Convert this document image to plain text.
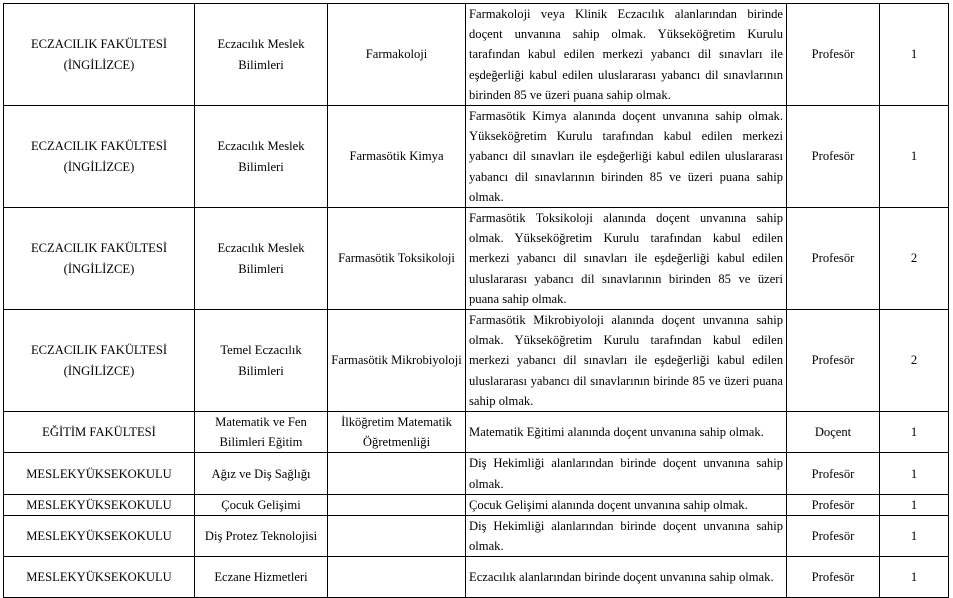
ECZACILIK FAKÜLTESİ (İNGİLİZCE)	Eczacılık Meslek Bilimleri	Farmakoloji	Farmakoloji veya Klinik Eczacılık alanlarından birinde doçent unvanına sahip olmak. Yükseköğretim Kurulu tarafından kabul edilen merkezi yabancı dil sınavları ile eşdeğerliği kabul edilen uluslararası yabancı dil sınavlarının birinden 85 ve üzeri puana sahip olmak.	Profesör	1
ECZACILIK FAKÜLTESİ (İNGİLİZCE)	Eczacılık Meslek Bilimleri	Farmasötik Kimya	Farmasötik Kimya alanında doçent unvanına sahip olmak. Yükseköğretim Kurulu tarafından kabul edilen merkezi yabancı dil sınavları ile eşdeğerliği kabul edilen uluslararası yabancı dil sınavlarının birinden 85 ve üzeri puana sahip olmak.	Profesör	1
ECZACILIK FAKÜLTESİ (İNGİLİZCE)	Eczacılık Meslek Bilimleri	Farmasötik Toksikoloji	Farmasötik Toksikoloji alanında doçent unvanına sahip olmak. Yükseköğretim Kurulu tarafından kabul edilen merkezi yabancı dil sınavları ile eşdeğerliği kabul edilen uluslararası yabancı dil sınavlarının birinden 85 ve üzeri puana sahip olmak.	Profesör	2
ECZACILIK FAKÜLTESİ (İNGİLİZCE)	Temel Eczacılık Bilimleri	Farmasötik Mikrobiyoloji	Farmasötik Mikrobiyoloji alanında doçent unvanına sahip olmak. Yükseköğretim Kurulu tarafından kabul edilen merkezi yabancı dil sınavları ile eşdeğerliği kabul edilen uluslararası yabancı dil sınavlarının birinde 85 ve üzeri puana sahip olmak.	Profesör	2
EĞİTİM FAKÜLTESİ	Matematik ve Fen Bilimleri Eğitim	İlköğretim Matematik Öğretmenliği	Matematik Eğitimi alanında doçent unvanına sahip olmak.	Doçent	1
MESLEKYÜKSEKOKULU	Ağız ve Diş Sağlığı		Diş Hekimliği alanlarından birinde doçent unvanına sahip olmak.	Profesör	1
MESLEKYÜKSEKOKULU	Çocuk Gelişimi		Çocuk Gelişimi alanında doçent unvanına sahip olmak.	Profesör	1
MESLEKYÜKSEKOKULU	Diş Protez Teknolojisi		Diş Hekimliği alanlarından birinde doçent unvanına sahip olmak.	Profesör	1
MESLEKYÜKSEKOKULU	Eczane Hizmetleri		Eczacılık alanlarından birinde doçent unvanına sahip olmak.	Profesör	1
